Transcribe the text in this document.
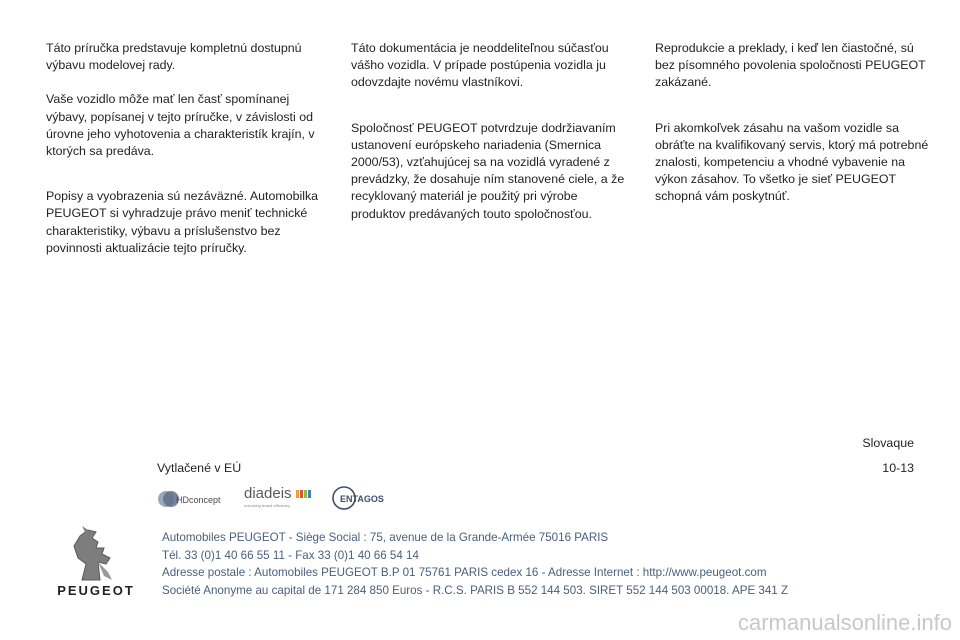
Táto príručka predstavuje kompletnú dostupnú výbavu modelovej rady.

Vaše vozidlo môže mať len časť spomínanej výbavy, popísanej v tejto príručke, v závislosti od úrovne jeho vyhotovenia a charakteristík krajín, v ktorých sa predáva.

Popisy a vyobrazenia sú nezáväzné. Automobilka PEUGEOT si vyhradzuje právo meniť technické charakteristiky, výbavu a príslušenstvo bez povinnosti aktualizácie tejto príručky.

Táto dokumentácia je neoddeliteľnou súčasťou vášho vozidla. V prípade postúpenia vozidla ju odovzdajte novému vlastníkovi.

Spoločnosť PEUGEOT potvrdzuje dodržiavaním ustanovení európskeho nariadenia (Smernica 2000/53), vzťahujúcej sa na vozidlá vyradené z prevádzky, že dosahuje ním stanovené ciele, a že recyklovaný materiál je použitý pri výrobe produktov predávaných touto spoločnosťou.

Reprodukcie a preklady, i keď len čiastočné, sú bez písomného povolenia spoločnosti PEUGEOT zakázané.

Pri akomkoľvek zásahu na vašom vozidle sa obráťte na kvalifikovaný servis, ktorý má potrebné znalosti, kompetenciu a vhodné vybavenie na výkon zásahov. To všetko je sieť PEUGEOT schopná vám poskytnúť.

Slovaque
Vytlačené v EÚ	10-13
HDconcept diadeis
unlocking brand efficiency
ENTAGOS
PEUGEOT
Automobiles PEUGEOT - Siège Social : 75, avenue de la Grande-Armée 75016 PARIS
Tél. 33 (0)1 40 66 55 11 - Fax 33 (0)1 40 66 54 14
Adresse postale : Automobiles PEUGEOT B.P 01 75761 PARIS cedex 16 - Adresse Internet : http://www.peugeot.com
Société Anonyme au capital de 171 284 850 Euros - R.C.S. PARIS B 552 144 503. SIRET 552 144 503 00018. APE 341 Z
carmanualsonline.info
